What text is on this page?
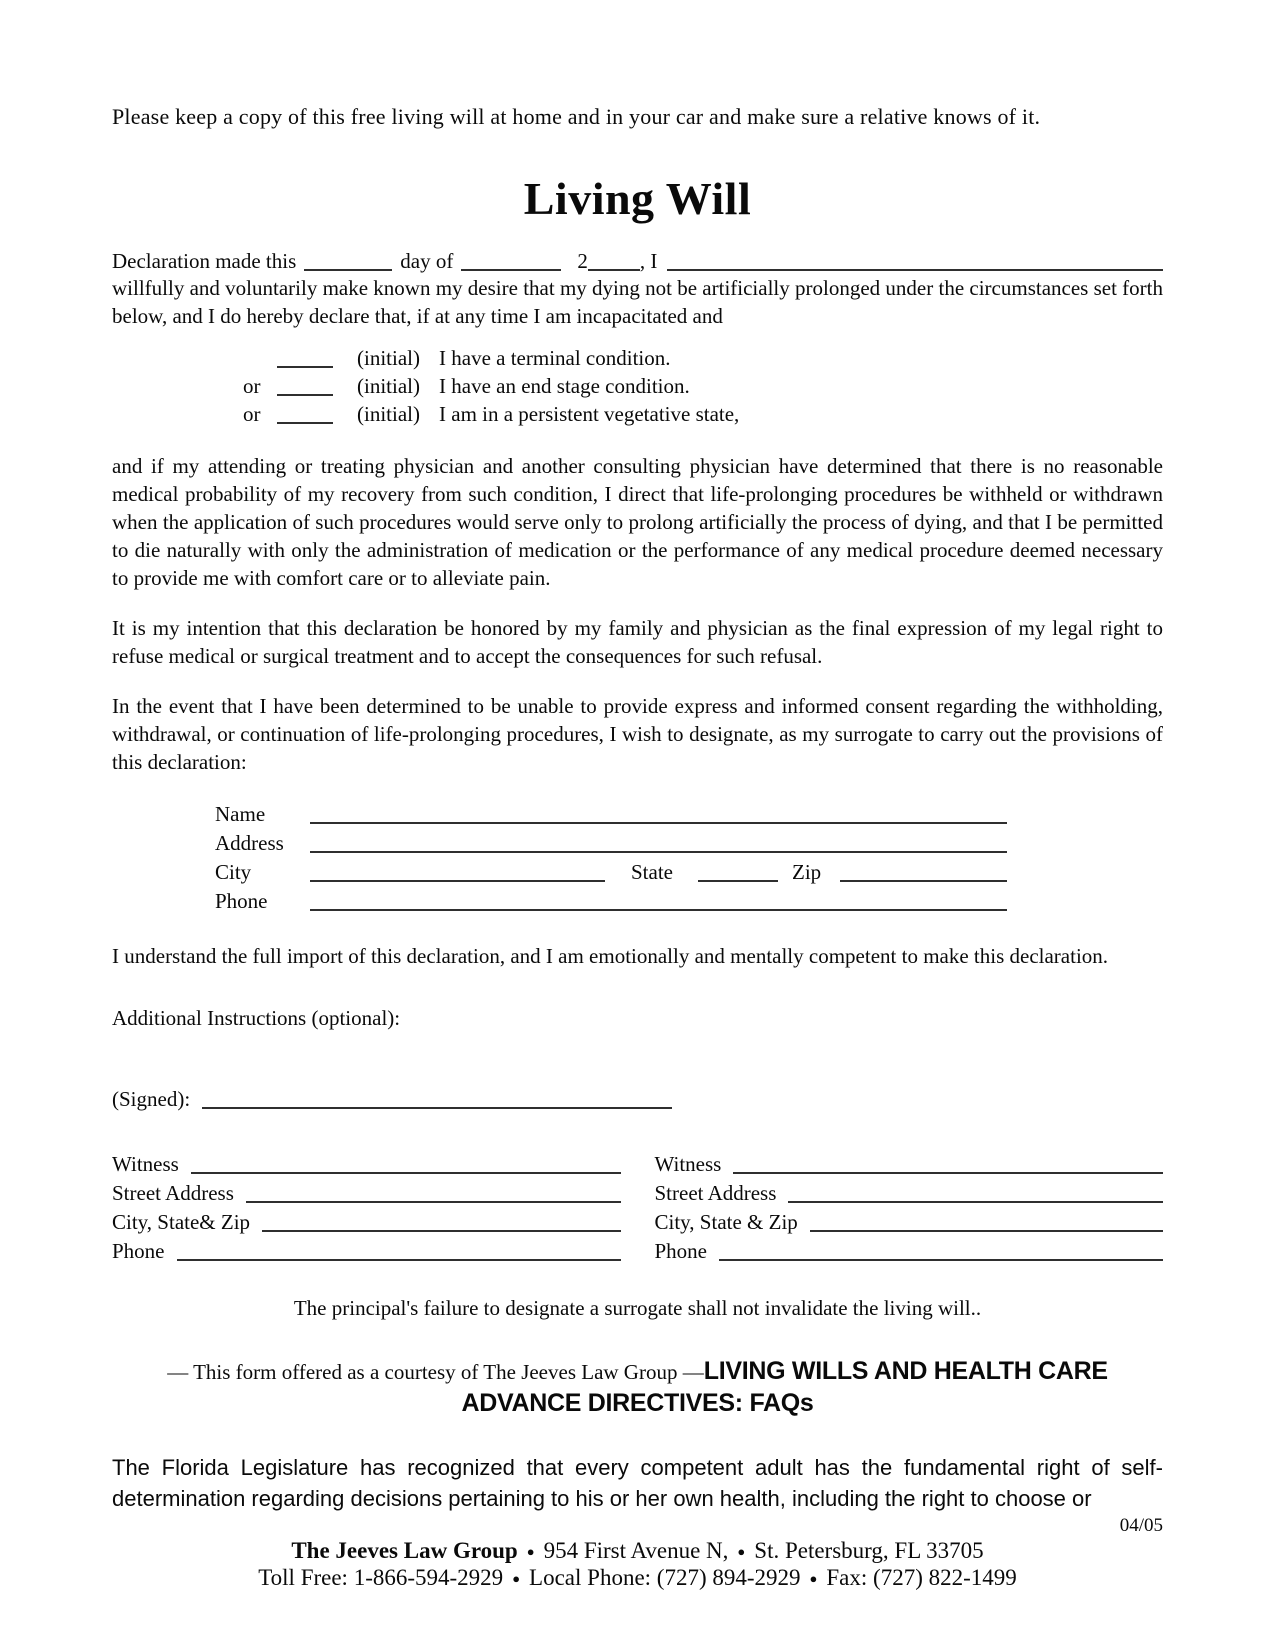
Please keep a copy of this free living will at home and in your car and make sure a relative knows of it.
Living Will
Declaration made this	day of	2 , I
willfully and voluntarily make known my desire that my dying not be artificially prolonged under the circumstances set forth below, and I do hereby declare that, if at any time I am incapacitated and
(initial) I have a terminal condition.
or	(initial) I have an end stage condition.
or	(initial) I am in a persistent vegetative state,
and if my attending or treating physician and another consulting physician have determined that there is no reasonable medical probability of my recovery from such condition, I direct that life-prolonging procedures be withheld or withdrawn when the application of such procedures would serve only to prolong artificially the process of dying, and that I be permitted to die naturally with only the administration of medication or the performance of any medical procedure deemed necessary to provide me with comfort care or to alleviate pain.
It is my intention that this declaration be honored by my family and physician as the final expression of my legal right to refuse medical or surgical treatment and to accept the consequences for such refusal.
In the event that I have been determined to be unable to provide express and informed consent regarding the withholding, withdrawal, or continuation of life-prolonging procedures, I wish to designate, as my surrogate to carry out the provisions of this declaration:
Name
Address
City	State	Zip
Phone
I understand the full import of this declaration, and I am emotionally and mentally competent to make this declaration.
Additional Instructions (optional):
(Signed):
Witness
Street Address
City, State& Zip
Phone
Witness
Street Address
City, State & Zip
Phone
The principal's failure to designate a surrogate shall not invalidate the living will..
— This form offered as a courtesy of The Jeeves Law Group —LIVING WILLS AND HEALTH CARE
ADVANCE DIRECTIVES: FAQs
The Florida Legislature has recognized that every competent adult has the fundamental right of self-determination regarding decisions pertaining to his or her own health, including the right to choose or
04/05
The Jeeves Law Group ● 954 First Avenue N, ● St. Petersburg, FL 33705
Toll Free: 1-866-594-2929 ● Local Phone: (727) 894-2929 ● Fax: (727) 822-1499
